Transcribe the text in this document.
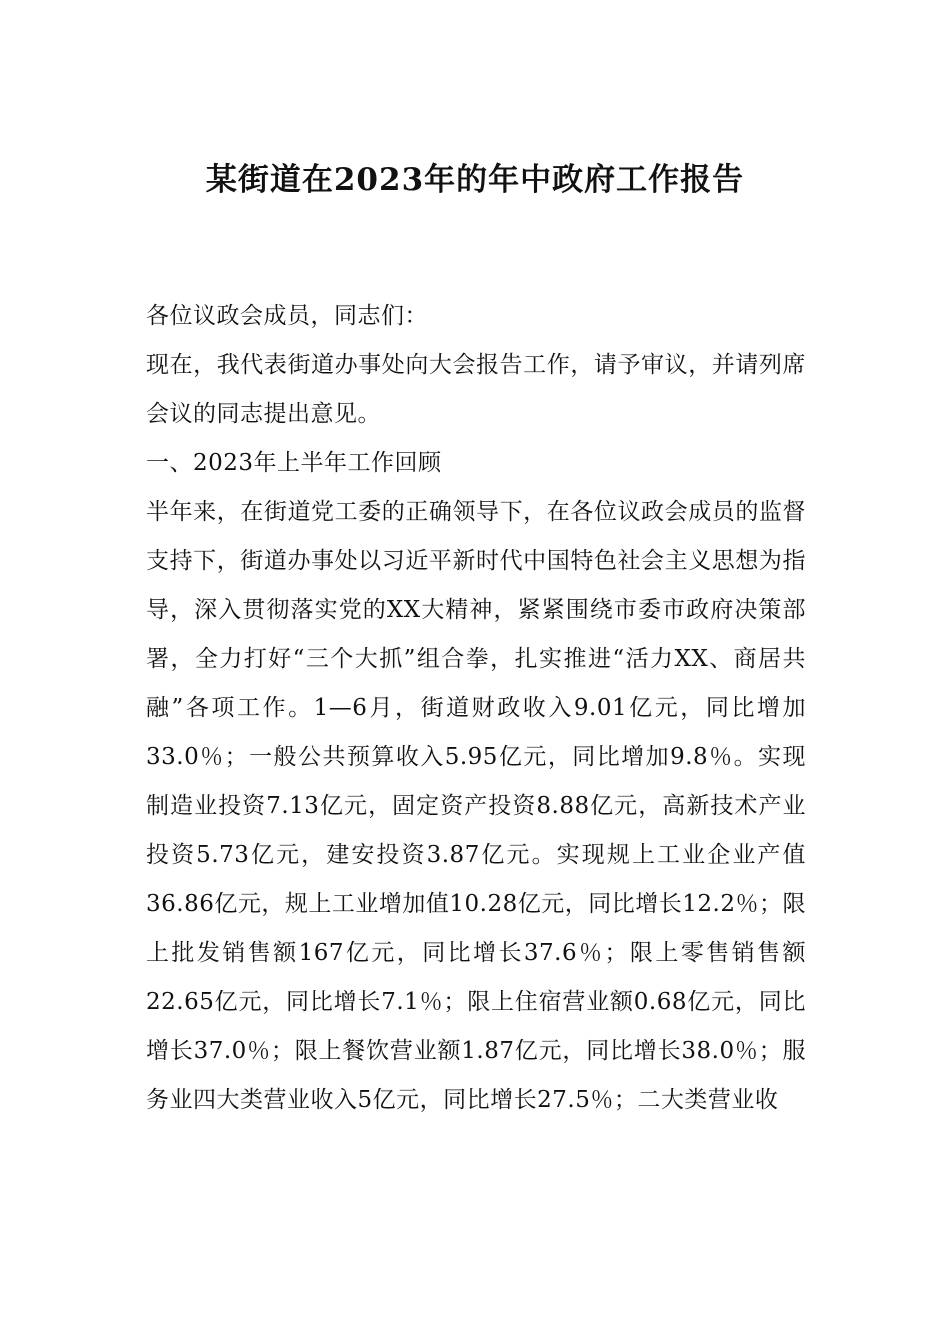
某街道在2023年的年中政府工作报告

各位议政会成员，同志们：

现在，我代表街道办事处向大会报告工作，请予审议，并请列席会议的同志提出意见。

一、2023年上半年工作回顾

半年来，在街道党工委的正确领导下，在各位议政会成员的监督支持下，街道办事处以习近平新时代中国特色社会主义思想为指导，深入贯彻落实党的XX大精神，紧紧围绕市委市政府决策部署，全力打好“三个大抓”组合拳，扎实推进“活力XX、商居共融”各项工作。1—6月，街道财政收入9.01亿元，同比增加33.0％；一般公共预算收入5.95亿元，同比增加9.8％。实现制造业投资7.13亿元，固定资产投资8.88亿元，高新技术产业投资5.73亿元，建安投资3.87亿元。实现规上工业企业产值36.86亿元，规上工业增加值10.28亿元，同比增长12.2％；限上批发销售额167亿元，同比增长37.6％；限上零售销售额22.65亿元，同比增长7.1％；限上住宿营业额0.68亿元，同比增长37.0％；限上餐饮营业额1.87亿元，同比增长38.0％；服务业四大类营业收入5亿元，同比增长27.5％；二大类营业收
